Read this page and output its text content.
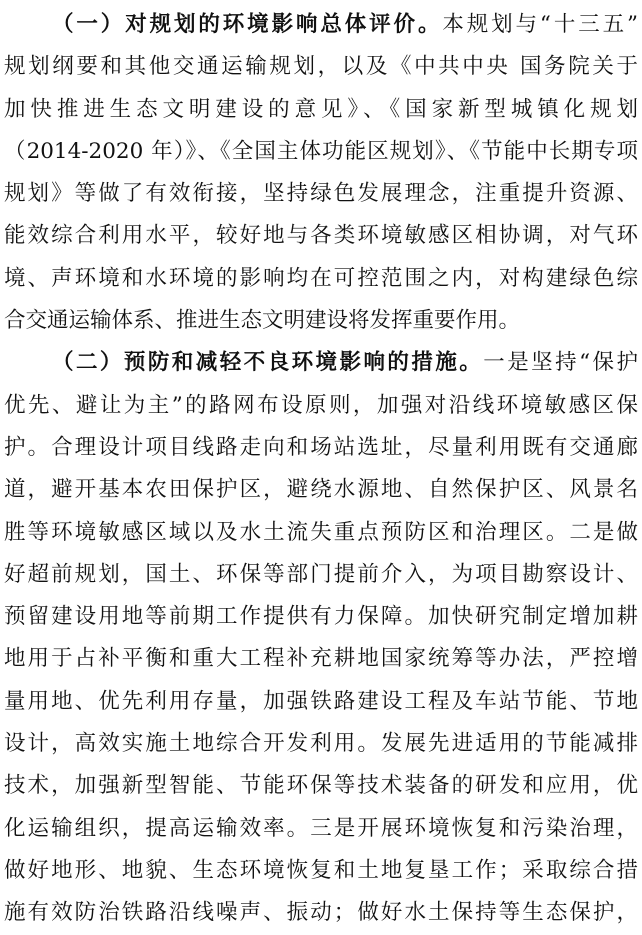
（一）对规划的环境影响总体评价。本规划与“十三五”
规划纲要和其他交通运输规划，以及《中共中央 国务院关于
加快推进生态文明建设的意见》、《国家新型城镇化规划
（2014-2020 年）》、《全国主体功能区规划》、《节能中长期专项
规划》等做了有效衔接，坚持绿色发展理念，注重提升资源、
能效综合利用水平，较好地与各类环境敏感区相协调，对气环
境、声环境和水环境的影响均在可控范围之内，对构建绿色综
合交通运输体系、推进生态文明建设将发挥重要作用。
（二）预防和减轻不良环境影响的措施。一是坚持“保护
优先、避让为主”的路网布设原则，加强对沿线环境敏感区保
护。合理设计项目线路走向和场站选址，尽量利用既有交通廊
道，避开基本农田保护区，避绕水源地、自然保护区、风景名
胜等环境敏感区域以及水土流失重点预防区和治理区。二是做
好超前规划，国土、环保等部门提前介入，为项目勘察设计、
预留建设用地等前期工作提供有力保障。加快研究制定增加耕
地用于占补平衡和重大工程补充耕地国家统筹等办法，严控增
量用地、优先利用存量，加强铁路建设工程及车站节能、节地
设计，高效实施土地综合开发利用。发展先进适用的节能减排
技术，加强新型智能、节能环保等技术装备的研发和应用，优
化运输组织，提高运输效率。三是开展环境恢复和污染治理，
做好地形、地貌、生态环境恢复和土地复垦工作；采取综合措
施有效防治铁路沿线噪声、振动；做好水土保持等生态保护，
